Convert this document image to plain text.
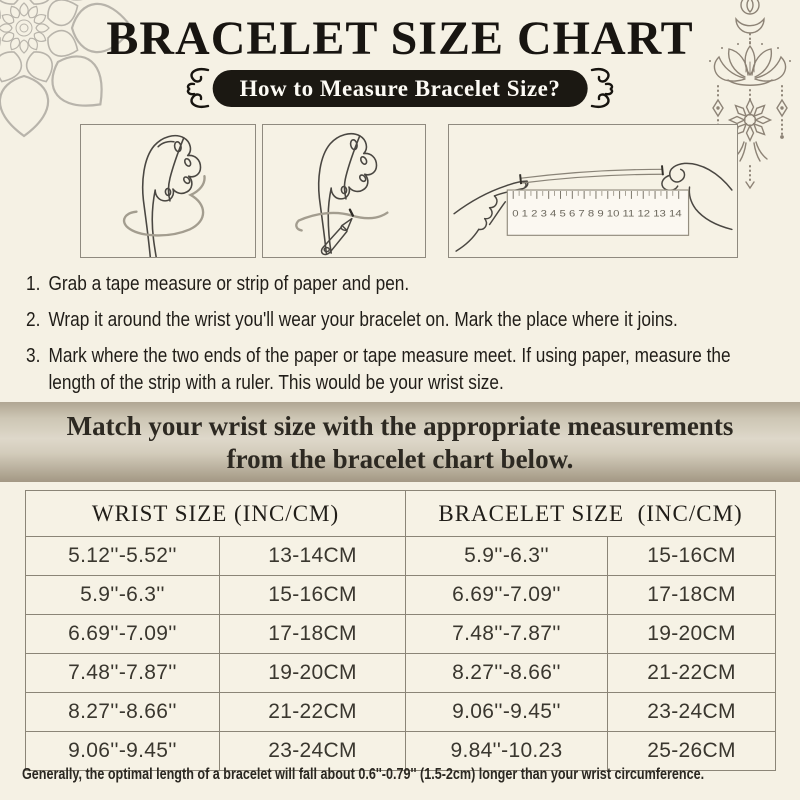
BRACELET SIZE CHART
How to Measure Bracelet Size?
0 1 2 3 4 5 6 7 8 9 10 11 12 13 14
1. Grab a tape measure or strip of paper and pen.
2. Wrap it around the wrist you'll wear your bracelet on. Mark the place where it joins.
3. Mark where the two ends of the paper or tape measure meet. If using paper, measure the length of the strip with a ruler. This would be your wrist size.
Match your wrist size with the appropriate measurements
from the bracelet chart below.
WRIST SIZE (INC/CM)		BRACELET SIZE  (INC/CM)	
5.12''-5.52''	13-14CM	5.9''-6.3''	15-16CM
5.9''-6.3''	15-16CM	6.69''-7.09''	17-18CM
6.69''-7.09''	17-18CM	7.48''-7.87''	19-20CM
7.48''-7.87''	19-20CM	8.27''-8.66''	21-22CM
8.27''-8.66''	21-22CM	9.06''-9.45''	23-24CM
9.06''-9.45''	23-24CM	9.84''-10.23	25-26CM
Generally, the optimal length of a bracelet will fall about 0.6''-0.79'' (1.5-2cm) longer than your wrist circumference.
